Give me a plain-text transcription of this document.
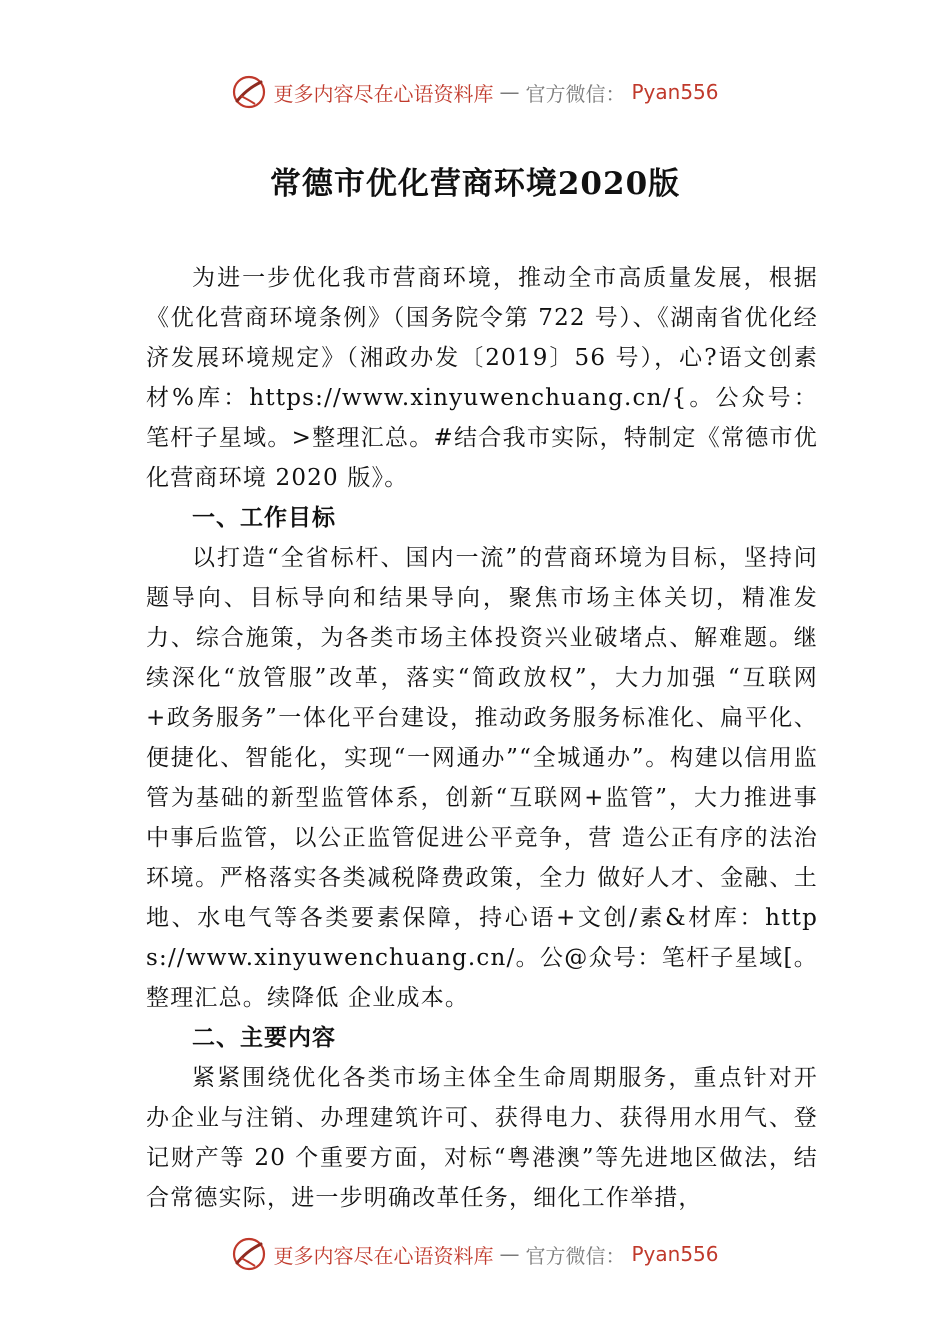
更多内容尽在心语资料库 — 官方微信： Pyan556
常德市优化营商环境2020版

为进一步优化我市营商环境，推动全市高质量发展，根据《优化营商环境条例》（国务院令第 722 号）、《湖南省优化经济发展环境规定》（湘政办发〔2019〕56 号），心?语文创素材%库：https://www.xinyuwenchuang.cn/{。公众号：笔杆子星域。>整理汇总。#结合我市实际，特制定《常德市优化营商环境 2020 版》。

一、工作目标

以打造“全省标杆、国内一流”的营商环境为目标，坚持问题导向、目标导向和结果导向，聚焦市场主体关切，精准发力、综合施策，为各类市场主体投资兴业破堵点、解难题。继续深化“放管服”改革，落实“简政放权”，大力加强 “互联网+政务服务”一体化平台建设，推动政务服务标准化、扁平化、便捷化、智能化，实现“一网通办”“全城通办”。构建以信用监管为基础的新型监管体系，创新“互联网+监管”，大力推进事中事后监管，以公正监管促进公平竞争，营 造公正有序的法治环境。严格落实各类减税降费政策，全力 做好人才、金融、土地、水电气等各类要素保障，持心语+文创/素&材库：https://www.xinyuwenchuang.cn/。公@众号：笔杆子星域[。整理汇总。续降低 企业成本。

二、主要内容

紧紧围绕优化各类市场主体全生命周期服务，重点针对开办企业与注销、办理建筑许可、获得电力、获得用水用气、登记财产等 20 个重要方面，对标“粤港澳”等先进地区做法，结合常德实际，进一步明确改革任务，细化工作举措，

更多内容尽在心语资料库 — 官方微信： Pyan556
